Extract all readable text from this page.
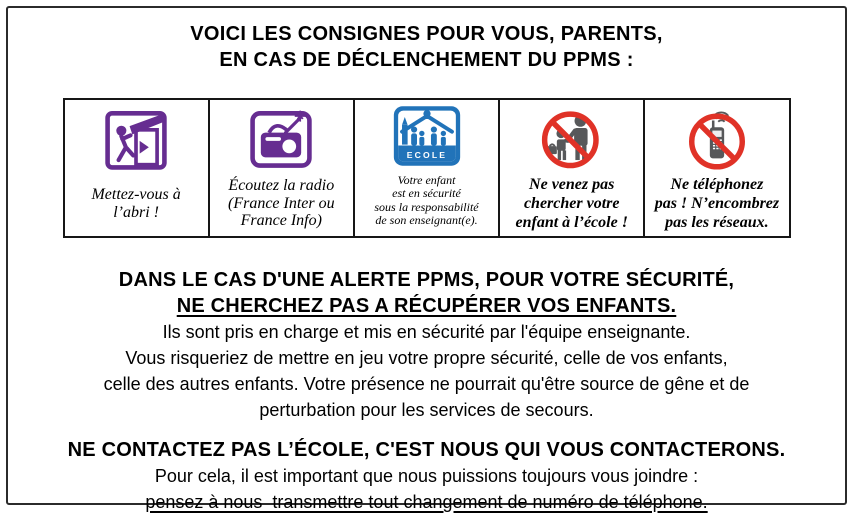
VOICI LES CONSIGNES POUR VOUS, PARENTS,
EN CAS DE DÉCLENCHEMENT DU PPMS :
Mettez-vous à
l’abri !
Écoutez la radio
(France Inter ou
France Info)
ECOLE
Votre enfant
est en sécurité
sous la responsabilité
de son enseignant(e).
Ne venez pas
chercher votre
enfant à l’école !
Ne téléphonez
pas ! N’encombrez
pas les réseaux.
DANS LE CAS D'UNE ALERTE PPMS, POUR VOTRE SÉCURITÉ,
NE CHERCHEZ PAS A RÉCUPÉRER VOS ENFANTS.
Ils sont pris en charge et mis en sécurité par l'équipe enseignante.
Vous risqueriez de mettre en jeu votre propre sécurité, celle de vos enfants,
celle des autres enfants. Votre présence ne pourrait qu'être source de gêne et de
perturbation pour les services de secours.
NE CONTACTEZ PAS L’ÉCOLE, C'EST NOUS QUI VOUS CONTACTERONS.
Pour cela, il est important que nous puissions toujours vous joindre :
pensez à nous  transmettre tout changement de numéro de téléphone.
